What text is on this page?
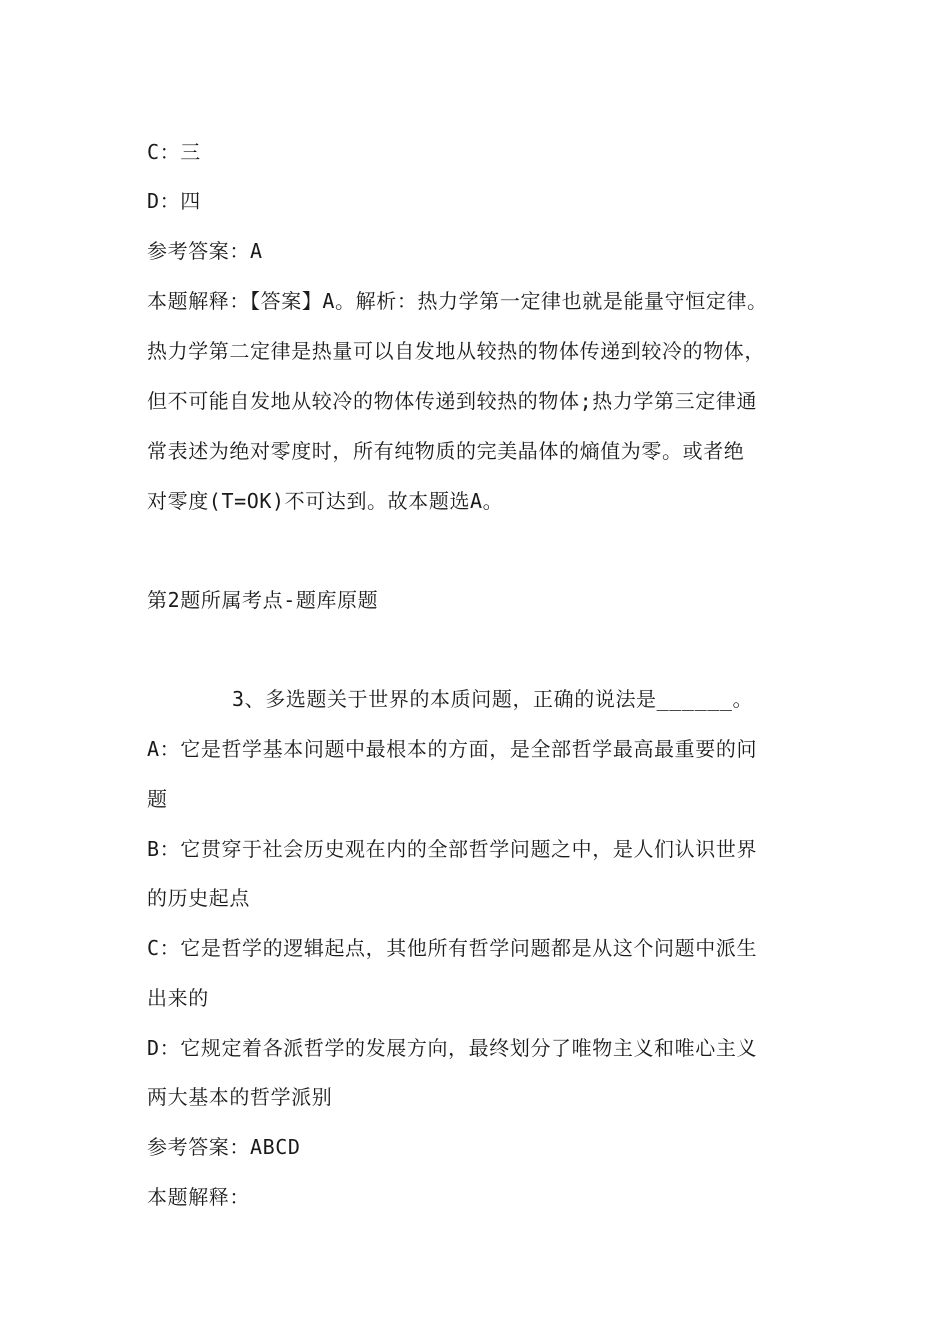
C：三
D：四
参考答案：A
本题解释：【答案】A。解析：热力学第一定律也就是能量守恒定律。
热力学第二定律是热量可以自发地从较热的物体传递到较冷的物体，
但不可能自发地从较冷的物体传递到较热的物体;热力学第三定律通
常表述为绝对零度时，所有纯物质的完美晶体的熵值为零。或者绝
对零度(T=OK)不可达到。故本题选A。
第2题所属考点-题库原题
3、多选题关于世界的本质问题，正确的说法是______。
A：它是哲学基本问题中最根本的方面，是全部哲学最高最重要的问
题
B：它贯穿于社会历史观在内的全部哲学问题之中，是人们认识世界
的历史起点
C：它是哲学的逻辑起点，其他所有哲学问题都是从这个问题中派生
出来的
D：它规定着各派哲学的发展方向，最终划分了唯物主义和唯心主义
两大基本的哲学派别
参考答案：ABCD
本题解释：
